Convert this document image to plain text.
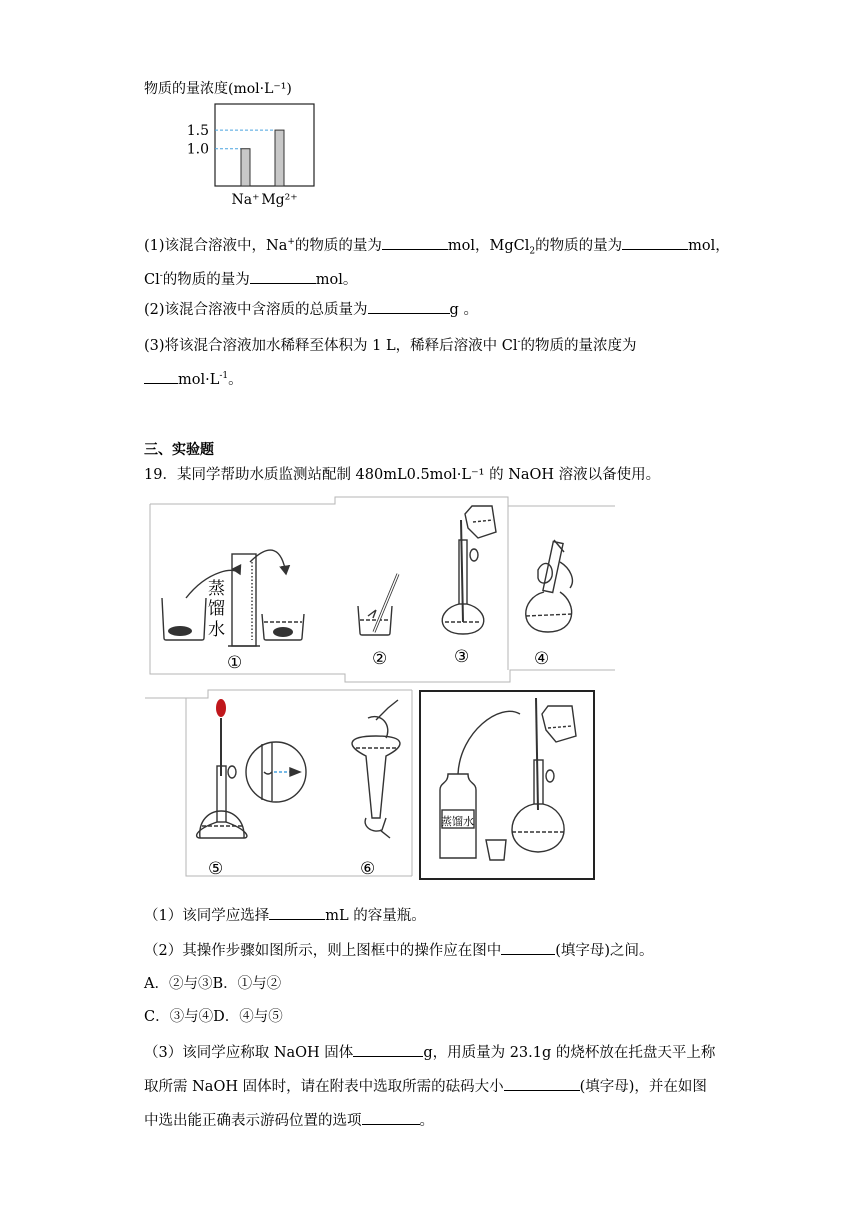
物质的量浓度(mol·L⁻¹)
Na⁺ Mg²⁺
1.5
1.0
(1)该混合溶液中，Na+的物质的量为	mol，MgCl$_2$的物质的量为	mol，
Cl-的物质的量为	mol。
(2)该混合溶液中含溶质的总质量为	g 。
(3)将该混合溶液加水稀释至体积为 1 L，稀释后溶液中 Cl-的物质的量浓度为
$mol\cdot L^{-1}$。
三、实验题
19．某同学帮助水质监测站配制 480mL0.5mol·L⁻¹ 的 NaOH 溶液以备使用。
蒸
馏
水
①	②	③	④
⑤	⑥
蒸馏水
（1）该同学应选择	mL 的容量瓶。
（2）其操作步骤如图所示，则上图框中的操作应在图中	(填字母)之间。
A．②与③B．①与②
C．③与④D．④与⑤
（3）该同学应称取 NaOH 固体	g，用质量为 23.1g 的烧杯放在托盘天平上称
取所需 NaOH 固体时，请在附表中选取所需的砝码大小	(填字母)，并在如图
中选出能正确表示游码位置的选项	。
